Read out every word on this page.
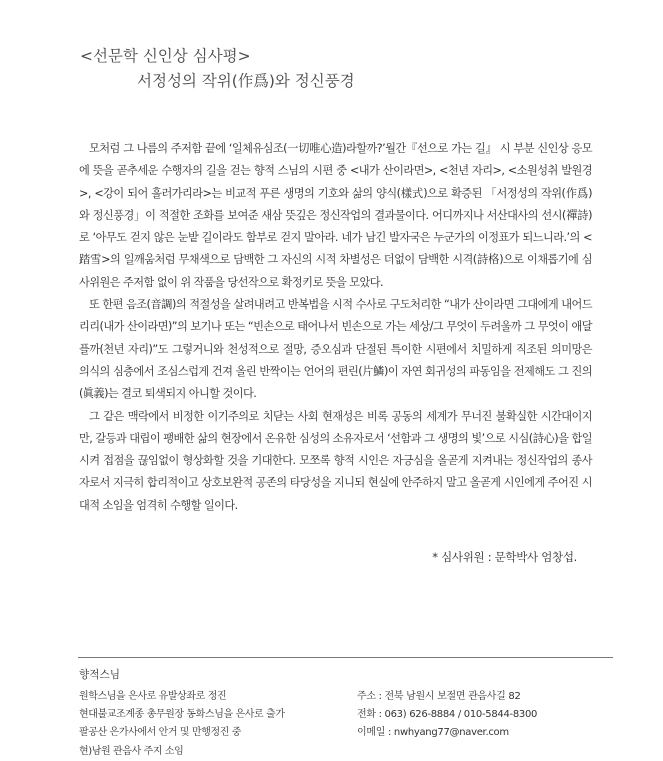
<선문학 신인상 심사평>
서정성의 작위(作爲)와 정신풍경

모처럼 그 나름의 주저함 끝에 ‘일체유심조(一切唯心造)라할까?’월간『선으로 가는 길』 시 부분 신인상 응모에 뜻을 곧추세운 수행자의 길을 걷는 향적 스님의 시편 중 <내가 산이라면>, <천년 자리>, <소원성취 발원경>, <강이 되어 흘러가리라>는 비교적 푸른 생명의 기호와 삶의 양식(樣式)으로 확증된 「서정성의 작위(作爲)와 정신풍경」이 적절한 조화를 보여준 새삼 뜻깊은 정신작업의 결과물이다. 어디까지나 서산대사의 선시(禪詩)로 ‘아무도 걷지 않은 눈밭 길이라도 함부로 걷지 말아라. 네가 남긴 발자국은 누군가의 이정표가 되느니라.’의 <踏雪>의 일깨움처럼 무채색으로 담백한 그 자신의 시적 차별성은 더없이 담백한 시격(詩格)으로 이채롭기에 심사위원은 주저함 없이 위 작품을 당선작으로 확정키로 뜻을 모았다.

또 한편 음조(音調)의 적절성을 살려내려고 반복법을 시적 수사로 구도처리한 “내가 산이라면 그대에게 내어드리리(내가 산이라면)”의 보기나 또는 “빈손으로 태어나서 빈손으로 가는 세상/그 무엇이 두려울까 그 무엇이 애달플까(천년 자리)”도 그렇거니와 천성적으로 절망, 증오심과 단절된 특이한 시편에서 치밀하게 직조된 의미망은 의식의 심층에서 조심스럽게 건져 올린 반짝이는 언어의 편린(片鱗)이 자연 회귀성의 파동임을 전제해도 그 진의(眞義)는 결코 퇴색되지 아니할 것이다.

그 같은 맥락에서 비정한 이기주의로 치닫는 사회 현재성은 비록 공동의 세계가 무너진 불확실한 시간대이지만, 갈등과 대립이 팽배한 삶의 현장에서 온유한 심성의 소유자로서 ‘선함과 그 생명의 빛’으로 시심(詩心)을 합일시켜 접점을 끊임없이 형상화할 것을 기대한다. 모쪼록 향적 시인은 자긍심을 올곧게 지켜내는 정신작업의 종사자로서 지극히 합리적이고 상호보완적 공존의 타당성을 지니되 현실에 안주하지 말고 올곧게 시인에게 주어진 시대적 소임을 엄격히 수행할 일이다.

* 심사위원 : 문학박사 엄창섭.
향적스님
원학스님을 은사로 유발상좌로 정진
현대불교조계종 총무원장 동화스님을 은사로 출가
팔공산 은가사에서 안거 및 만행정진 중
현)남원 관음사 주지 소임
주소 : 전북 남원시 보절면 관음사길 82
전화 : 063) 626-8884 / 010-5844-8300
이메일 : nwhyang77@naver.com
